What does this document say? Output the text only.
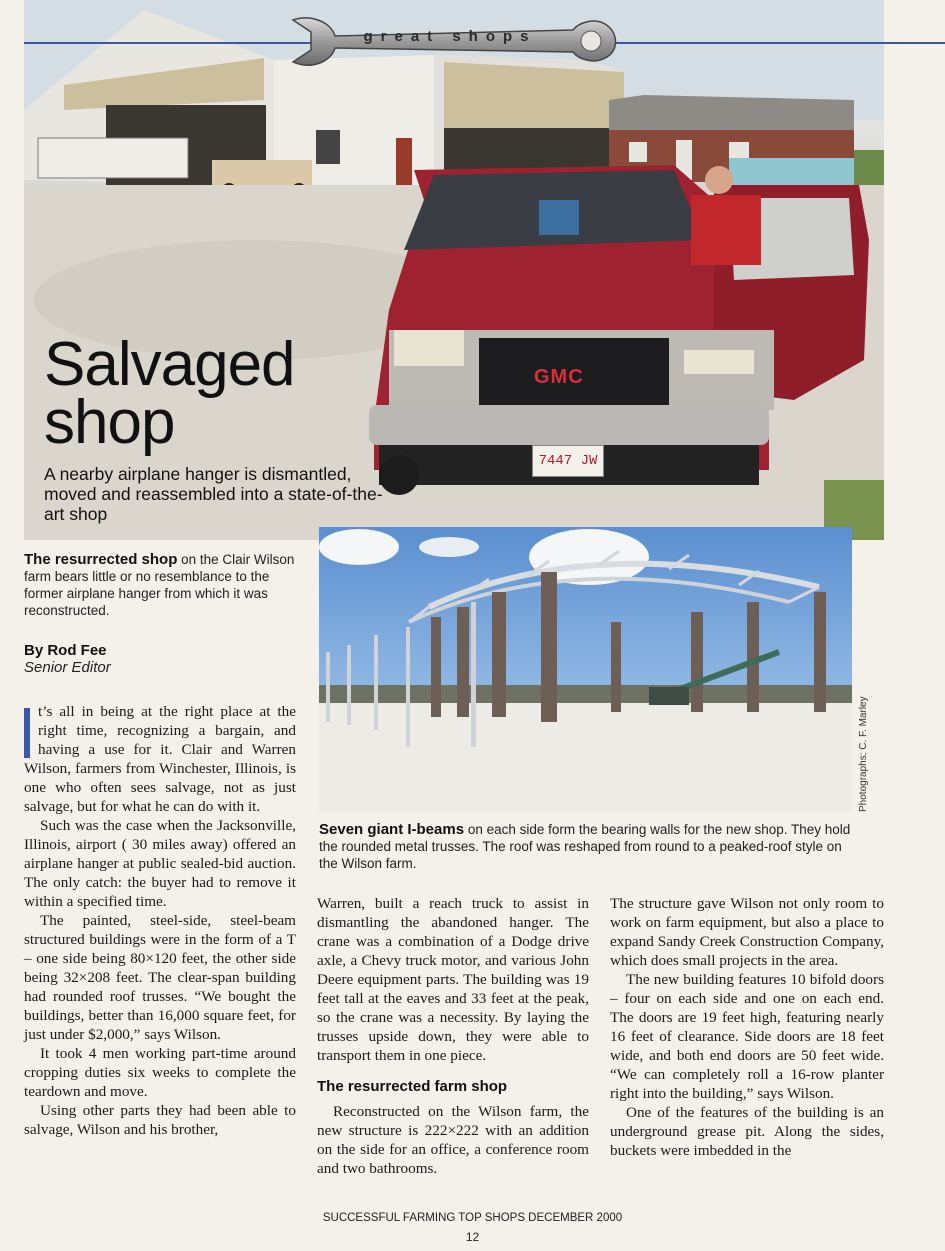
GMC
7447 JW
great shops
Salvaged
shop
A nearby airplane hanger is dismantled, moved and reassembled into a state-of-the-art shop
Photographs: C. F. Marley
The resurrected shop on the Clair Wilson farm bears little or no resemblance to the former airplane hanger from which it was reconstructed.
Seven giant I-beams on each side form the bearing walls for the new shop. They hold the rounded metal trusses. The roof was reshaped from round to a peaked-roof style on the Wilson farm.
By Rod Fee
Senior Editor

t’s all in being at the right place at the right time, recognizing a bargain, and having a use for it. Clair and Warren Wilson, farmers from Winchester, Illinois, is one who often sees salvage, not as just salvage, but for what he can do with it.

Such was the case when the Jacksonville, Illinois, airport ( 30 miles away) offered an airplane hanger at public sealed-bid auction. The only catch: the buyer had to remove it within a specified time.

The painted, steel-side, steel-beam structured buildings were in the form of a T – one side being 80×120 feet, the other side being 32×208 feet. The clear-span building had rounded roof trusses. “We bought the buildings, better than 16,000 square feet, for just under $2,000,” says Wilson.

It took 4 men working part-time around cropping duties six weeks to complete the teardown and move.

Using other parts they had been able to salvage, Wilson and his brother,

Warren, built a reach truck to assist in dismantling the abandoned hanger. The crane was a combination of a Dodge drive axle, a Chevy truck motor, and various John Deere equipment parts. The building was 19 feet tall at the eaves and 33 feet at the peak, so the crane was a necessity. By laying the trusses upside down, they were able to transport them in one piece.

The resurrected farm shop

Reconstructed on the Wilson farm, the new structure is 222×222 with an addition on the side for an office, a conference room and two bathrooms.

The structure gave Wilson not only room to work on farm equipment, but also a place to expand Sandy Creek Construction Company, which does small projects in the area.

The new building features 10 bifold doors – four on each side and one on each end. The doors are 19 feet high, featuring nearly 16 feet of clearance. Side doors are 18 feet wide, and both end doors are 50 feet wide. “We can completely roll a 16-row planter right into the building,” says Wilson.

One of the features of the building is an underground grease pit. Along the sides, buckets were imbedded in the

SUCCESSFUL FARMING TOP SHOPS DECEMBER 2000
12
